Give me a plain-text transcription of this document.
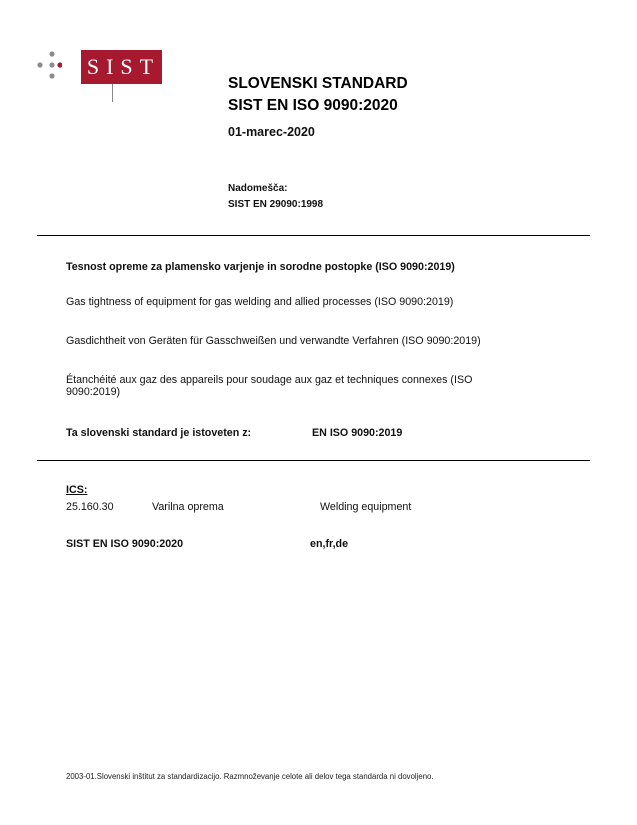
SIST
SLOVENSKI STANDARD
SIST EN ISO 9090:2020
01-marec-2020
Nadomešča:
SIST EN 29090:1998
Tesnost opreme za plamensko varjenje in sorodne postopke (ISO 9090:2019)
Gas tightness of equipment for gas welding and allied processes (ISO 9090:2019)
Gasdichtheit von Geräten für Gasschweißen und verwandte Verfahren (ISO 9090:2019)
Étanchéité aux gaz des appareils pour soudage aux gaz et techniques connexes (ISO
9090:2019)
Ta slovenski standard je istoveten z:	EN ISO 9090:2019
ICS:
25.160.30	Varilna oprema	Welding equipment
SIST EN ISO 9090:2020	en,fr,de
2003-01.Slovenski inštitut za standardizacijo. Razmnoževanje celote ali delov tega standarda ni dovoljeno.
